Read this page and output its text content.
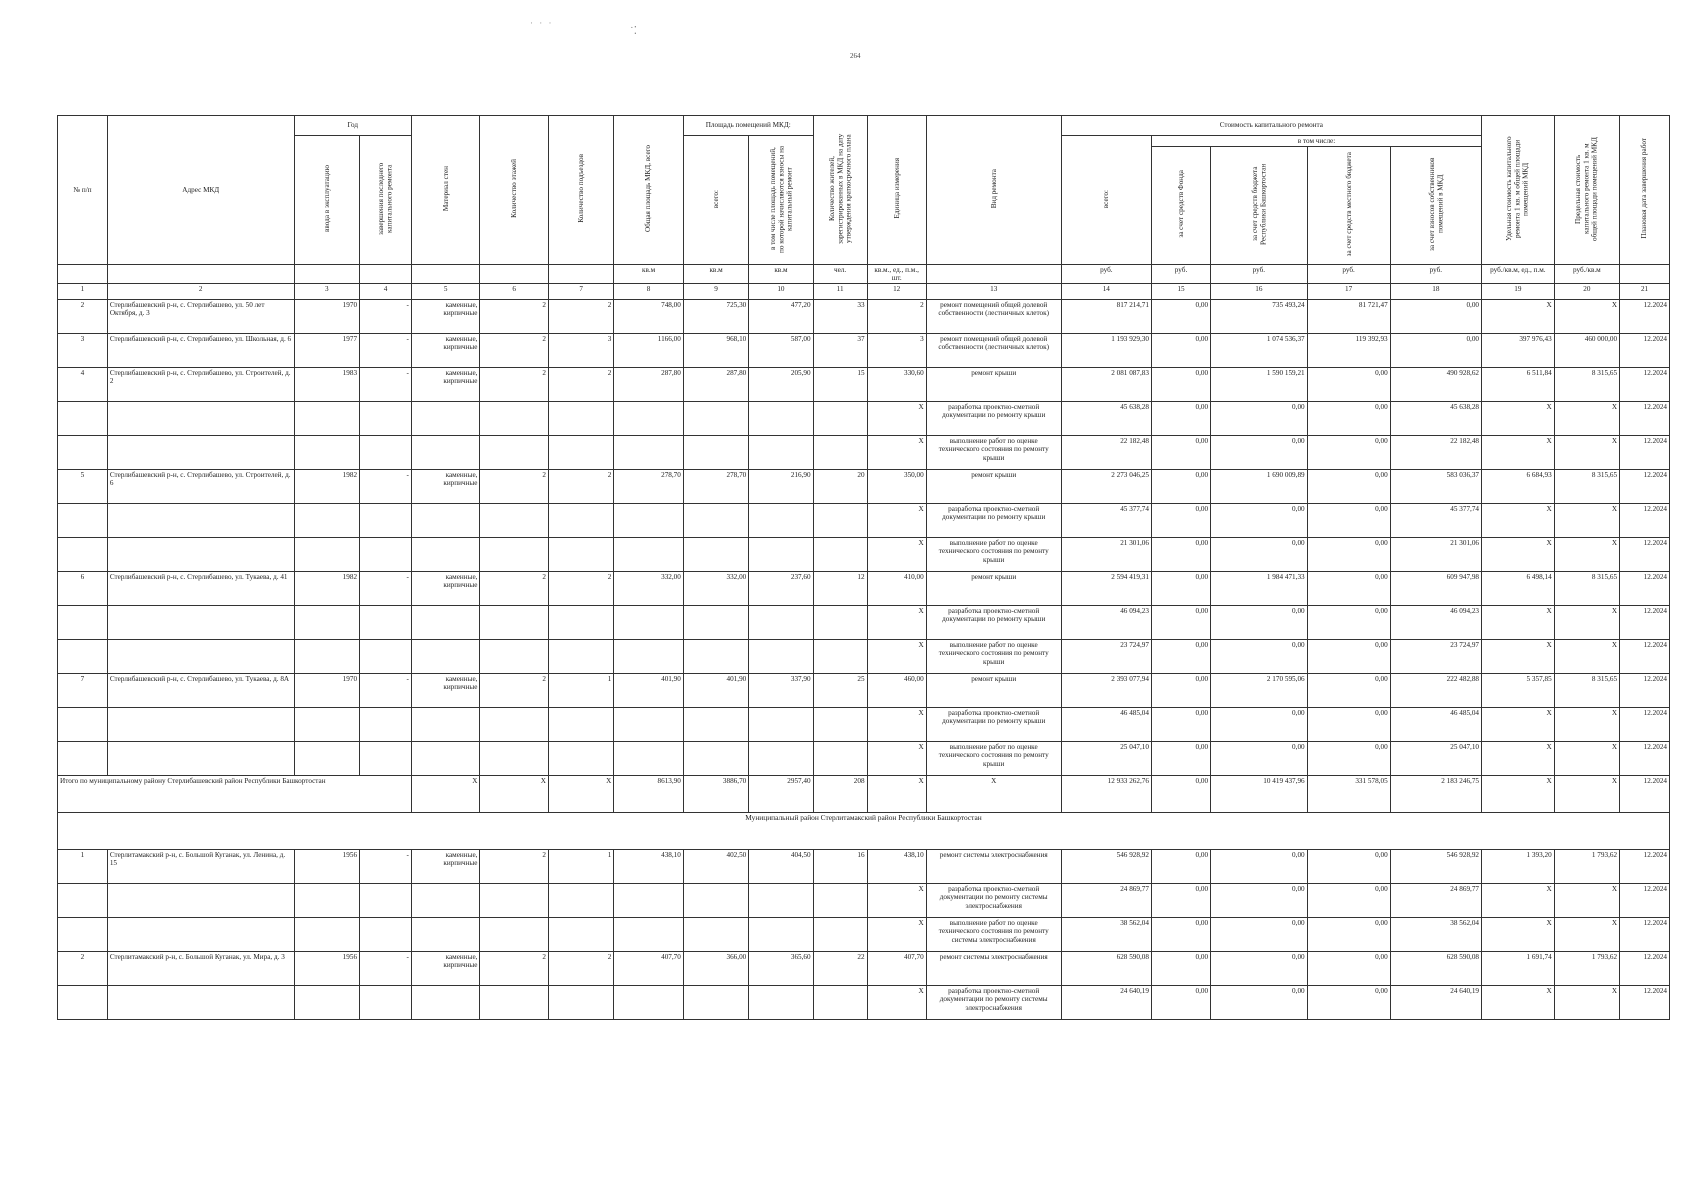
· · ·
˙⁚
264
№ п/п	Адрес МКД	Год		Материал стен	Количество этажей	Количество подъездов	Общая площадь МКД, всего	Площадь помещений МКД:		Количество жителей, зарегистрированных в МКД на дату утверждения краткосрочного плана	Единица измерения	Вид ремонта	Стоимость капитального ремонта					Удельная стоимость капитального ремонта 1 кв. м общей площади помещений МКД	Предельная стоимость капитального ремонта 1 кв. м общей площади помещений МКД	Плановая дата завершения работ
		ввода в эксплуатацию	завершения последнего капитального ремонта					всего:	в том числе площадь помещений, по которой начисляются взносы на капитальный ремонт				всего:	в том числе:						
														за счет средств Фонда	за счет средств бюджета Республики Башкортостан	за счет средств местного бюджета	за счет взносов собственников помещений в МКД			
							кв.м	кв.м	кв.м	чел.	кв.м., ед., п.м., шт.		руб.	руб.	руб.	руб.	руб.	руб./кв.м, ед., п.м.	руб./кв.м	
1	2	3	4	5	6	7	8	9	10	11	12	13	14	15	16	17	18	19	20	21
2	Стерлибашевский р-н, с. Стерлибашево, ул. 50 лет Октября, д. 3	1970	-	каменные, кирпичные	2	2	748,00	725,30	477,20	33	2	ремонт помещений общей долевой собственности (лестничных клеток)	817 214,71	0,00	735 493,24	81 721,47	0,00	X	X	12.2024
3	Стерлибашевский р-н, с. Стерлибашево, ул. Школьная, д. 6	1977	-	каменные, кирпичные	2	3	1166,00	968,10	587,00	37	3	ремонт помещений общей долевой собственности (лестничных клеток)	1 193 929,30	0,00	1 074 536,37	119 392,93	0,00	397 976,43	460 000,00	12.2024
4	Стерлибашевский р-н, с. Стерлибашево, ул. Строителей, д. 2	1983	-	каменные, кирпичные	2	2	287,80	287,80	205,90	15	330,60	ремонт крыши	2 081 087,83	0,00	1 590 159,21	0,00	490 928,62	6 511,84	8 315,65	12.2024
											X	разработка проектно-сметной документации по ремонту крыши	45 638,28	0,00	0,00	0,00	45 638,28	X	X	12.2024
											X	выполнение работ по оценке технического состояния по ремонту крыши	22 182,48	0,00	0,00	0,00	22 182,48	X	X	12.2024
5	Стерлибашевский р-н, с. Стерлибашево, ул. Строителей, д. 6	1982	-	каменные, кирпичные	2	2	278,70	278,70	216,90	20	350,00	ремонт крыши	2 273 046,25	0,00	1 690 009,89	0,00	583 036,37	6 684,93	8 315,65	12.2024
											X	разработка проектно-сметной документации по ремонту крыши	45 377,74	0,00	0,00	0,00	45 377,74	X	X	12.2024
											X	выполнение работ по оценке технического состояния по ремонту крыши	21 301,06	0,00	0,00	0,00	21 301,06	X	X	12.2024
6	Стерлибашевский р-н, с. Стерлибашево, ул. Тукаева, д. 41	1982	-	каменные, кирпичные	2	2	332,00	332,00	237,60	12	410,00	ремонт крыши	2 594 419,31	0,00	1 984 471,33	0,00	609 947,98	6 498,14	8 315,65	12.2024
											X	разработка проектно-сметной документации по ремонту крыши	46 094,23	0,00	0,00	0,00	46 094,23	X	X	12.2024
											X	выполнение работ по оценке технического состояния по ремонту крыши	23 724,97	0,00	0,00	0,00	23 724,97	X	X	12.2024
7	Стерлибашевский р-н, с. Стерлибашево, ул. Тукаева, д. 8А	1970	-	каменные, кирпичные	2	1	401,90	401,90	337,90	25	460,00	ремонт крыши	2 393 077,94	0,00	2 170 595,06	0,00	222 482,88	5 357,85	8 315,65	12.2024
											X	разработка проектно-сметной документации по ремонту крыши	46 485,04	0,00	0,00	0,00	46 485,04	X	X	12.2024
											X	выполнение работ по оценке технического состояния по ремонту крыши	25 047,10	0,00	0,00	0,00	25 047,10	X	X	12.2024
Итого по муниципальному району Стерлибашевский район Республики Башкортостан				X	X	X	8613,90	3886,70	2957,40	208	X	X	12 933 262,76	0,00	10 419 437,96	331 578,05	2 183 246,75	X	X	12.2024
Муниципальный район Стерлитамакский район Республики Башкортостан																				
1	Стерлитамакский р-н, с. Большой Куганак, ул. Ленина, д. 15	1956	-	каменные, кирпичные	2	1	438,10	402,50	404,50	16	438,10	ремонт системы электроснабжения	546 928,92	0,00	0,00	0,00	546 928,92	1 393,20	1 793,62	12.2024
											X	разработка проектно-сметной документации по ремонту системы электроснабжения	24 869,77	0,00	0,00	0,00	24 869,77	X	X	12.2024
											X	выполнение работ по оценке технического состояния по ремонту системы электроснабжения	38 562,04	0,00	0,00	0,00	38 562,04	X	X	12.2024
2	Стерлитамакский р-н, с. Большой Куганак, ул. Мира, д. 3	1956	-	каменные, кирпичные	2	2	407,70	366,00	365,60	22	407,70	ремонт системы электроснабжения	628 590,08	0,00	0,00	0,00	628 590,08	1 691,74	1 793,62	12.2024
											X	разработка проектно-сметной документации по ремонту системы электроснабжения	24 640,19	0,00	0,00	0,00	24 640,19	X	X	12.2024
